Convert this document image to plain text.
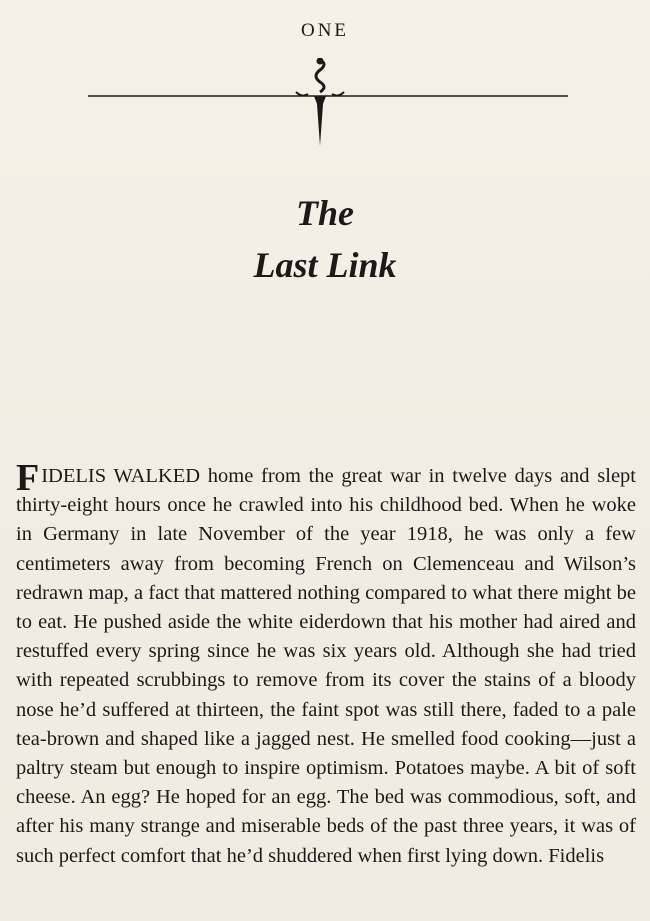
ONE
The
Last Link

FIDELIS WALKED home from the great war in twelve days and slept thirty-eight hours once he crawled into his childhood bed. When he woke in Germany in late November of the year 1918, he was only a few centimeters away from becoming French on Clemenceau and Wilson’s redrawn map, a fact that mattered nothing compared to what there might be to eat. He pushed aside the white eiderdown that his mother had aired and restuffed every spring since he was six years old. Although she had tried with repeated scrubbings to remove from its cover the stains of a bloody nose he’d suffered at thirteen, the faint spot was still there, faded to a pale tea-brown and shaped like a jagged nest. He smelled food cooking—just a paltry steam but enough to inspire optimism. Potatoes maybe. A bit of soft cheese. An egg? He hoped for an egg. The bed was commodious, soft, and after his many strange and miserable beds of the past three years, it was of such perfect comfort that he’d shuddered when first lying down. Fidelis
